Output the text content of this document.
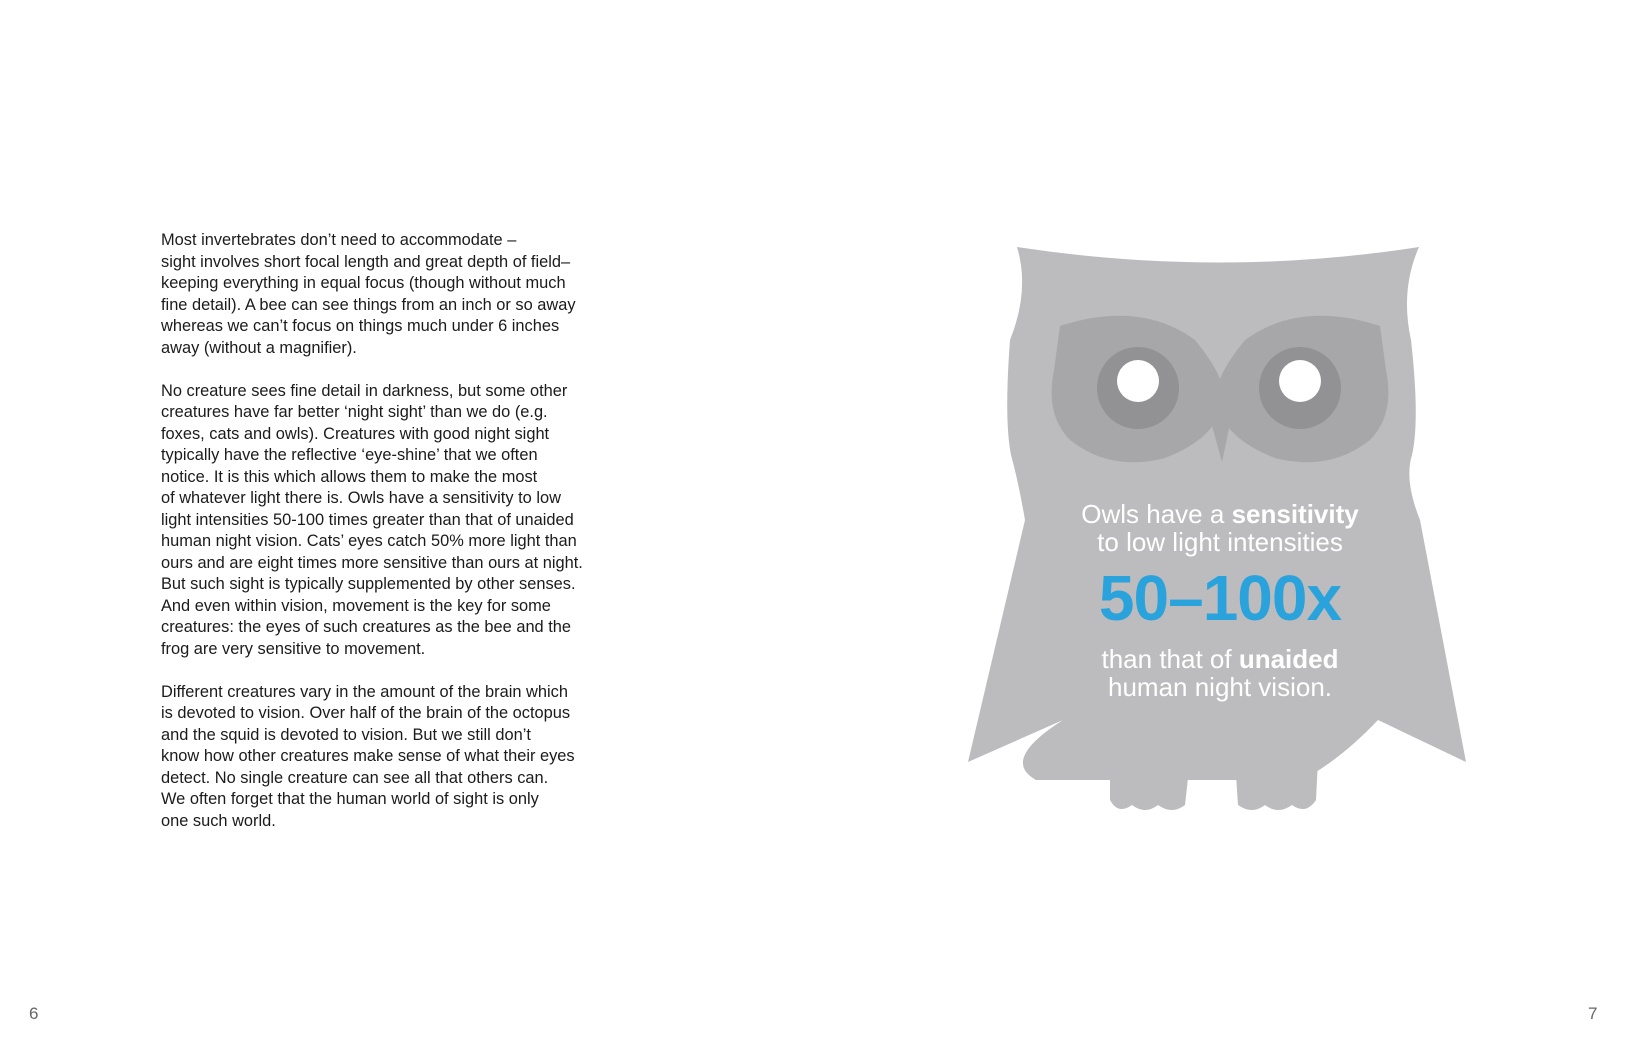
Most invertebrates don’t need to accommodate –
sight involves short focal length and great depth of field–
keeping everything in equal focus (though without much
fine detail). A bee can see things from an inch or so away
whereas we can’t focus on things much under 6 inches
away (without a magnifier).

No creature sees fine detail in darkness, but some other
creatures have far better ‘night sight’ than we do (e.g.
foxes, cats and owls). Creatures with good night sight
typically have the reflective ‘eye-shine’ that we often
notice. It is this which allows them to make the most
of whatever light there is. Owls have a sensitivity to low
light intensities 50-100 times greater than that of unaided
human night vision. Cats’ eyes catch 50% more light than
ours and are eight times more sensitive than ours at night.
But such sight is typically supplemented by other senses.
And even within vision, movement is the key for some
creatures: the eyes of such creatures as the bee and the
frog are very sensitive to movement.

Different creatures vary in the amount of the brain which
is devoted to vision. Over half of the brain of the octopus
and the squid is devoted to vision. But we still don’t
know how other creatures make sense of what their eyes
detect. No single creature can see all that others can.
We often forget that the human world of sight is only
one such world.

6
Owls have a sensitivity
to low light intensities
50–100x
than that of unaided
human night vision.
7
